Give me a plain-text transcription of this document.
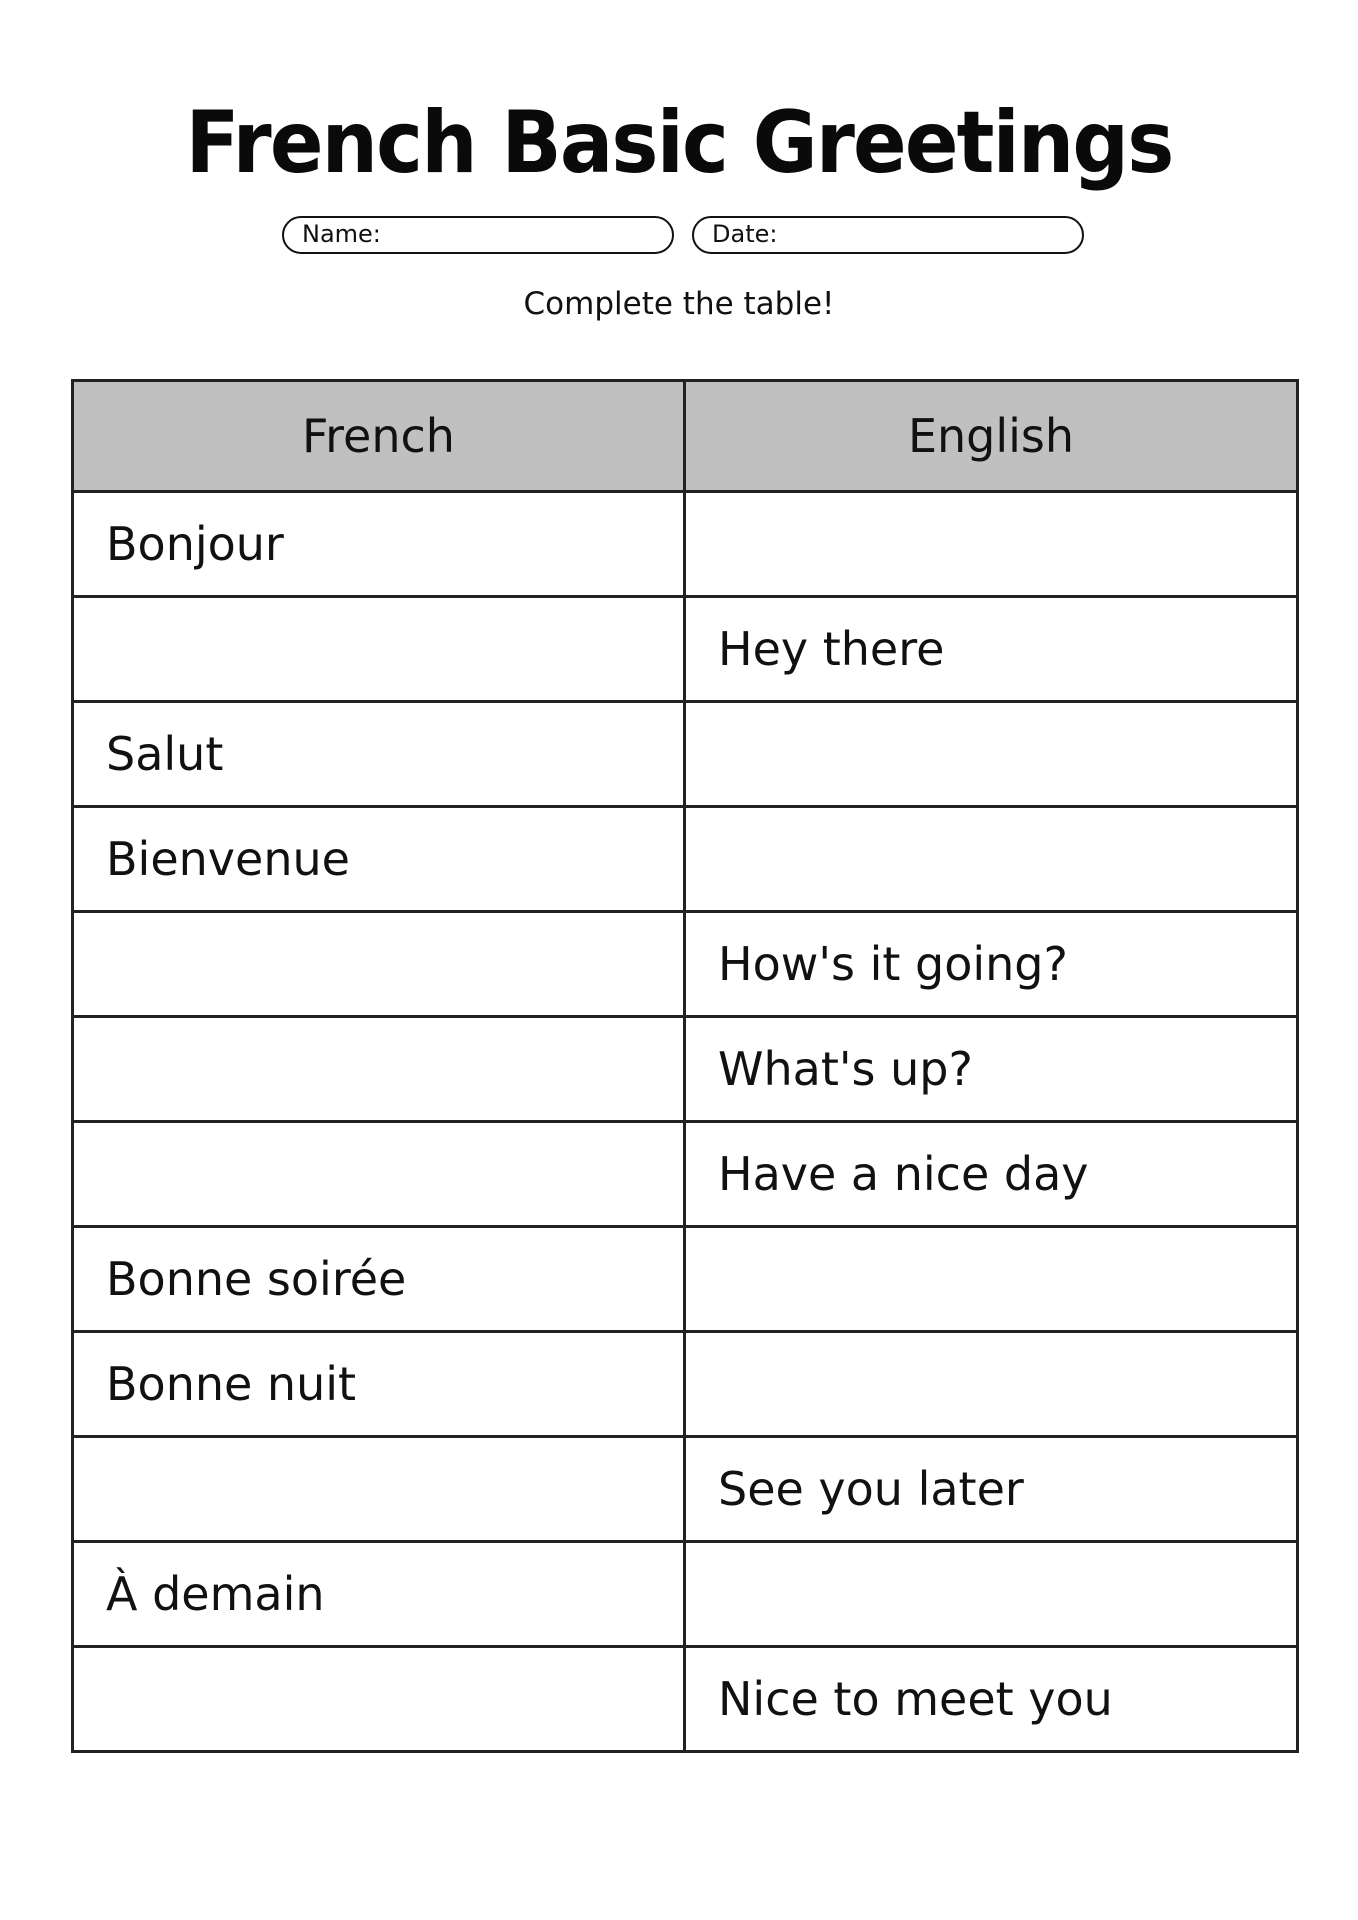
French Basic Greetings
Name:	Date:
Complete the table!
French	English
Bonjour	
	Hey there
Salut	
Bienvenue	
	How's it going?
	What's up?
	Have a nice day
Bonne soirée	
Bonne nuit	
	See you later
À demain	
	Nice to meet you
